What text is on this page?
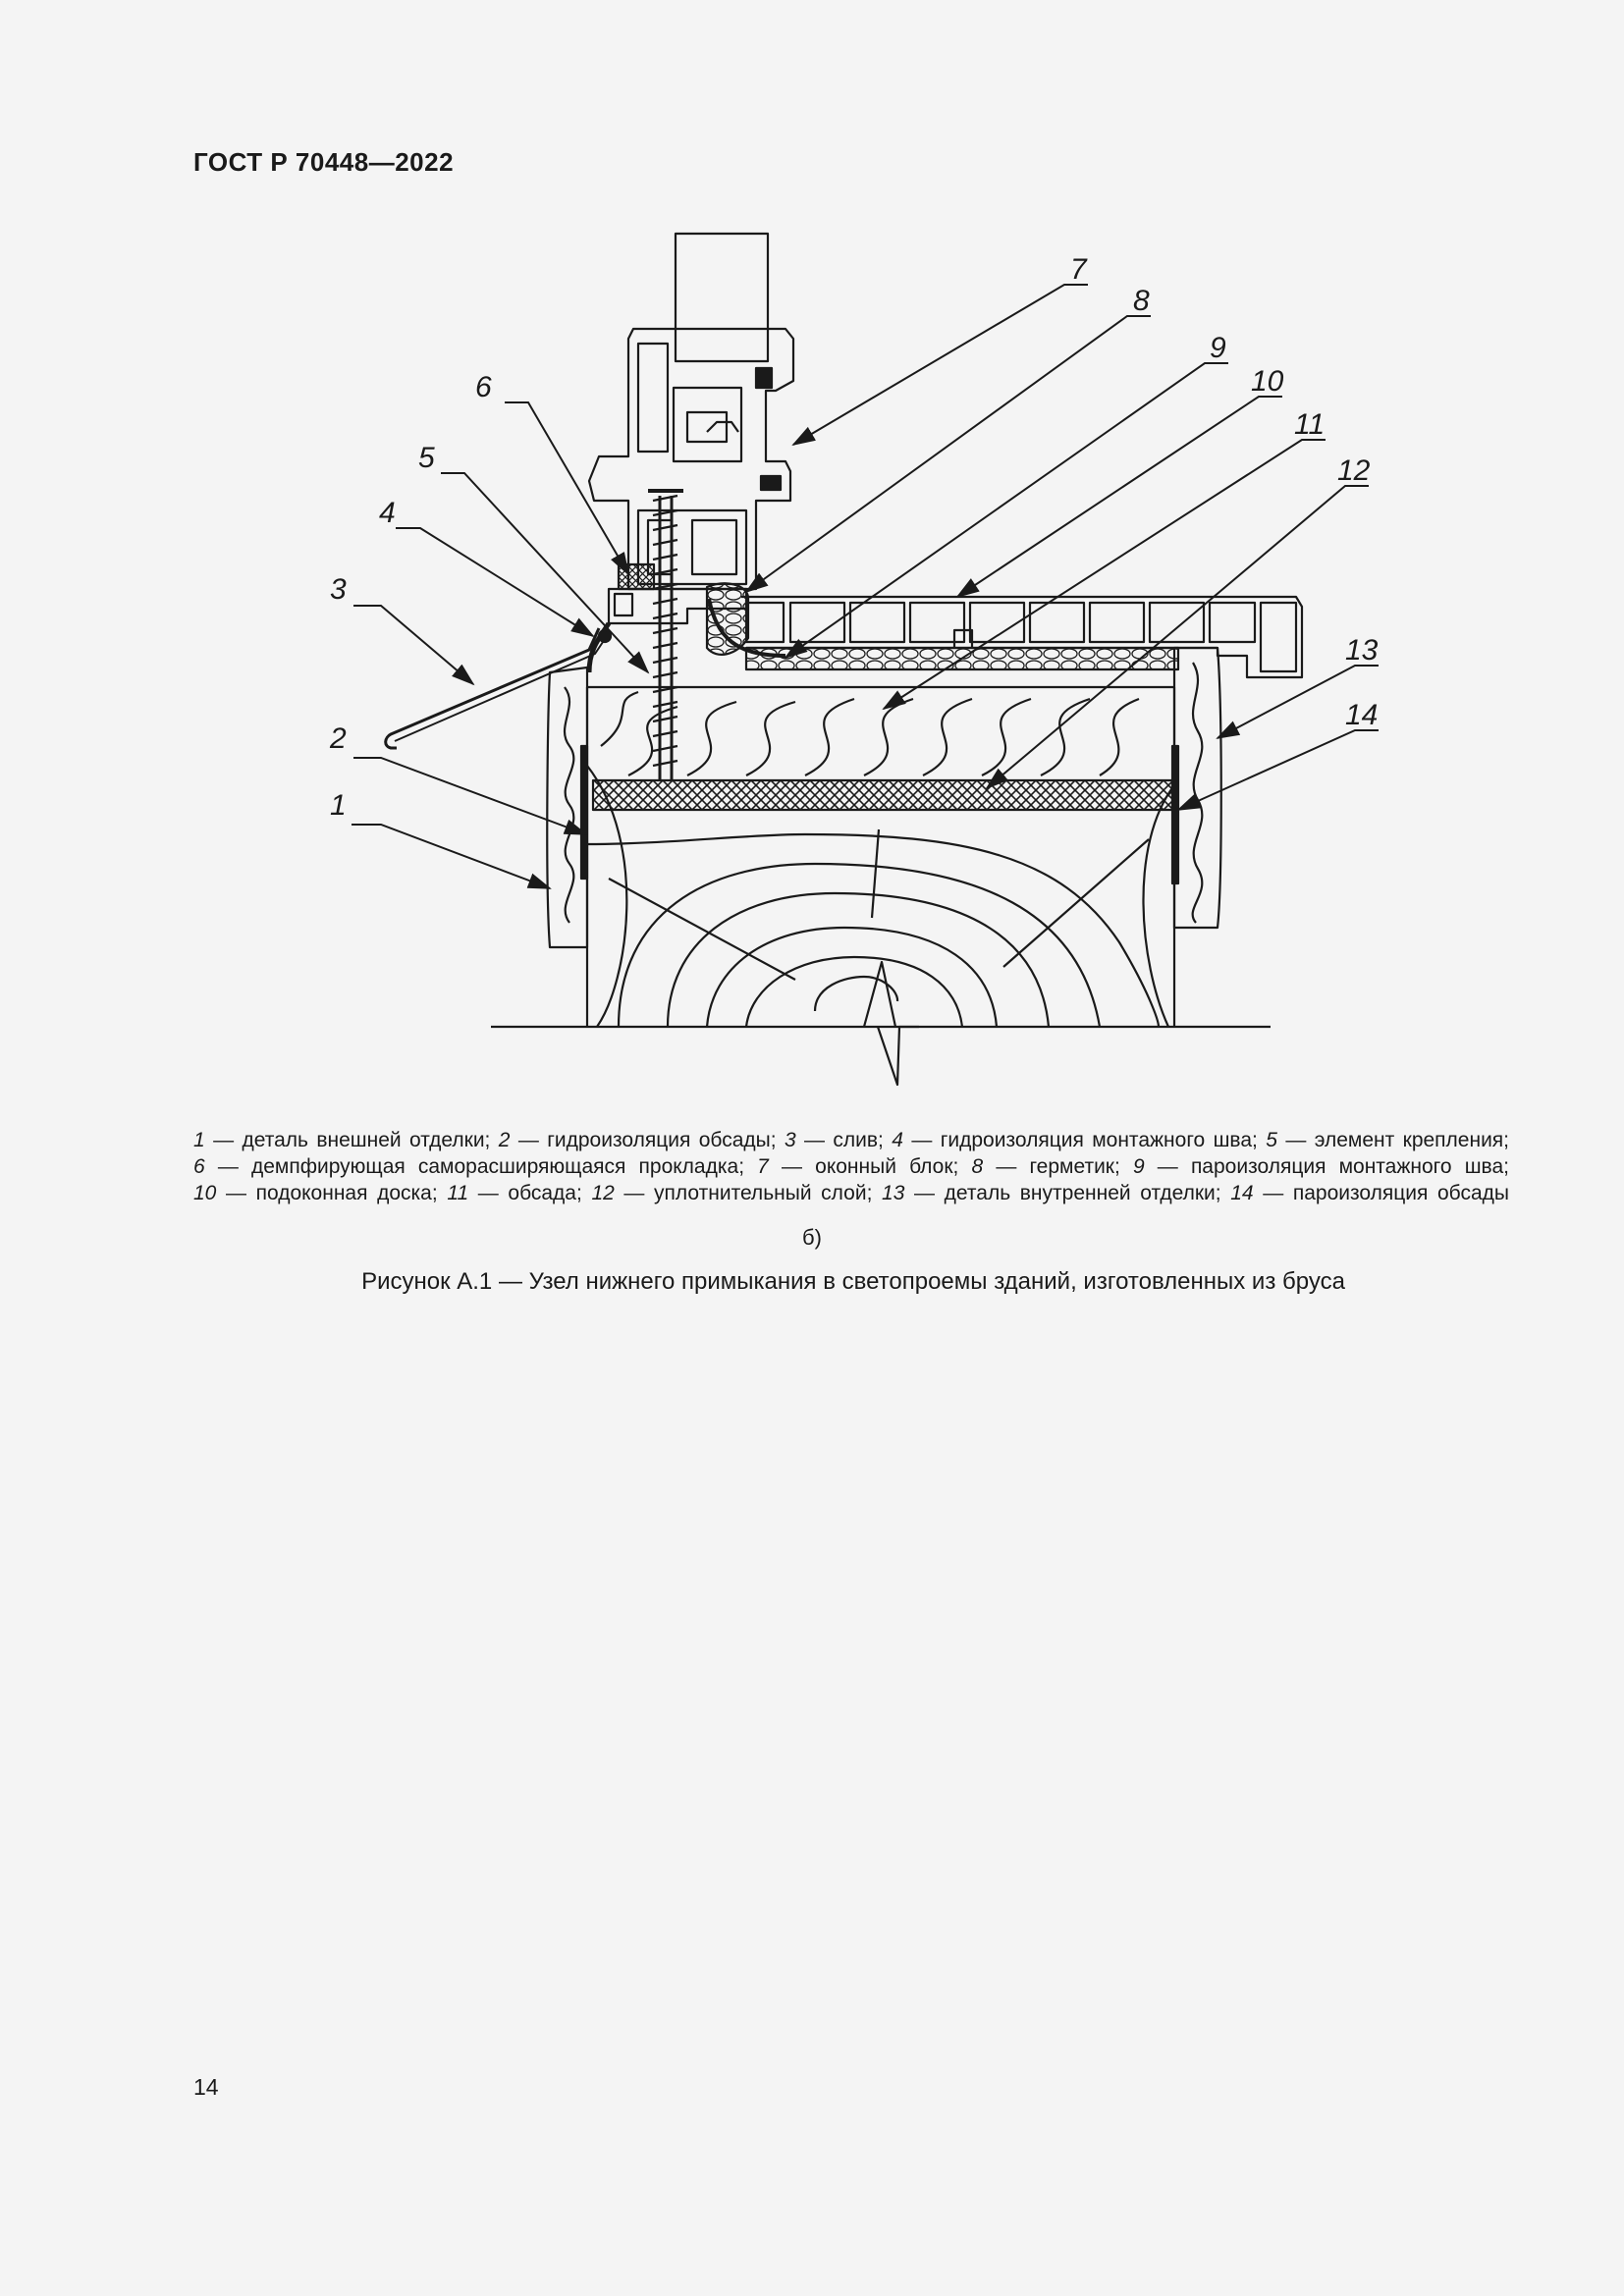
ГОСТ Р 70448—2022
1
2
3
4
5
6
7
8
9
10
11
12
13
14
1 — деталь внешней отделки; 2 — гидроизоляция обсады; 3 — слив; 4 — гидроизоляция монтажного шва; 5 — элемент крепления;
6 — демпфирующая саморасширяющаяся прокладка; 7 — оконный блок; 8 — герметик; 9 — пароизоляция монтажного шва;
10 — подоконная доска; 11 — обсада; 12 — уплотнительный слой; 13 — деталь внутренней отделки; 14 — пароизоляция обсады
б)
Рисунок А.1 — Узел нижнего примыкания в светопроемы зданий, изготовленных из бруса
14
